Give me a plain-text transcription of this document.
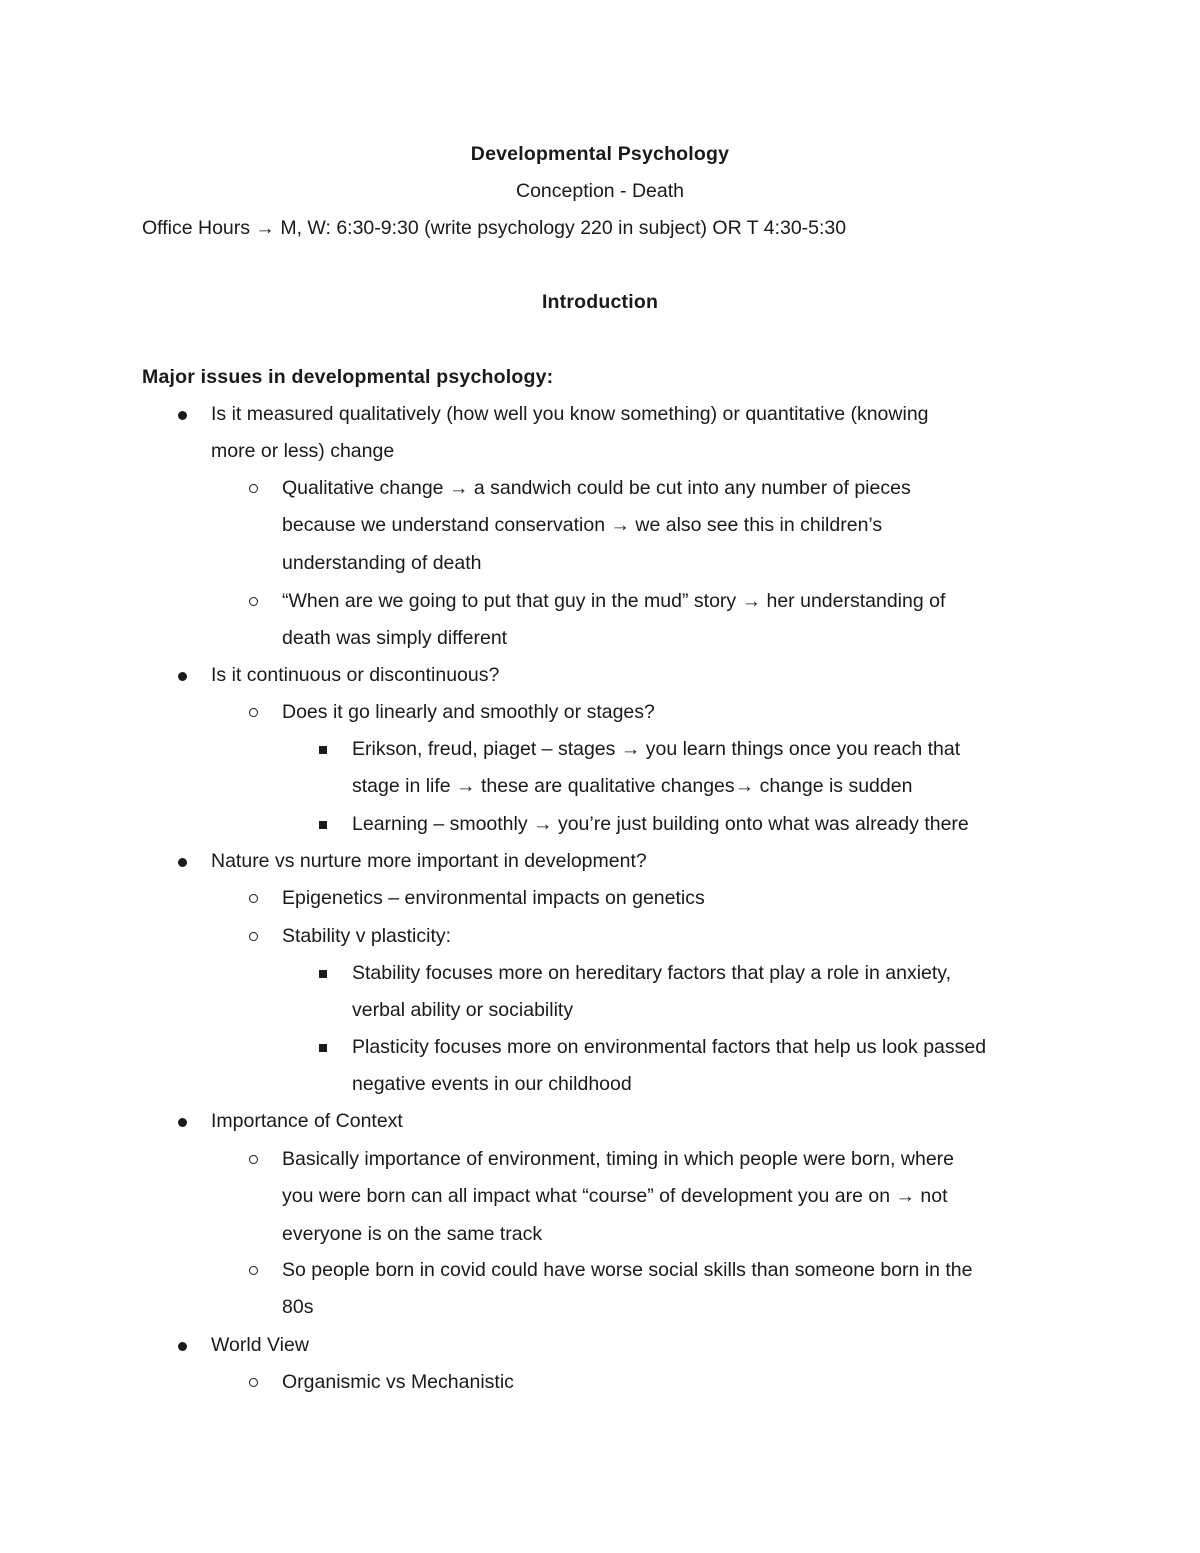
Developmental Psychology
Conception - Death
Office Hours → M, W: 6:30-9:30 (write psychology 220 in subject) OR T 4:30-5:30
Introduction
Major issues in developmental psychology:
Is it measured qualitatively (how well you know something) or quantitative (knowing
more or less) change
Qualitative change → a sandwich could be cut into any number of pieces
because we understand conservation → we also see this in children’s
understanding of death
“When are we going to put that guy in the mud” story → her understanding of
death was simply different
Is it continuous or discontinuous?
Does it go linearly and smoothly or stages?
Erikson, freud, piaget – stages → you learn things once you reach that
stage in life → these are qualitative changes→ change is sudden
Learning – smoothly → you’re just building onto what was already there
Nature vs nurture more important in development?
Epigenetics – environmental impacts on genetics
Stability v plasticity:
Stability focuses more on hereditary factors that play a role in anxiety,
verbal ability or sociability
Plasticity focuses more on environmental factors that help us look passed
negative events in our childhood
Importance of Context
Basically importance of environment, timing in which people were born, where
you were born can all impact what “course” of development you are on → not
everyone is on the same track
So people born in covid could have worse social skills than someone born in the
80s
World View
Organismic vs Mechanistic
